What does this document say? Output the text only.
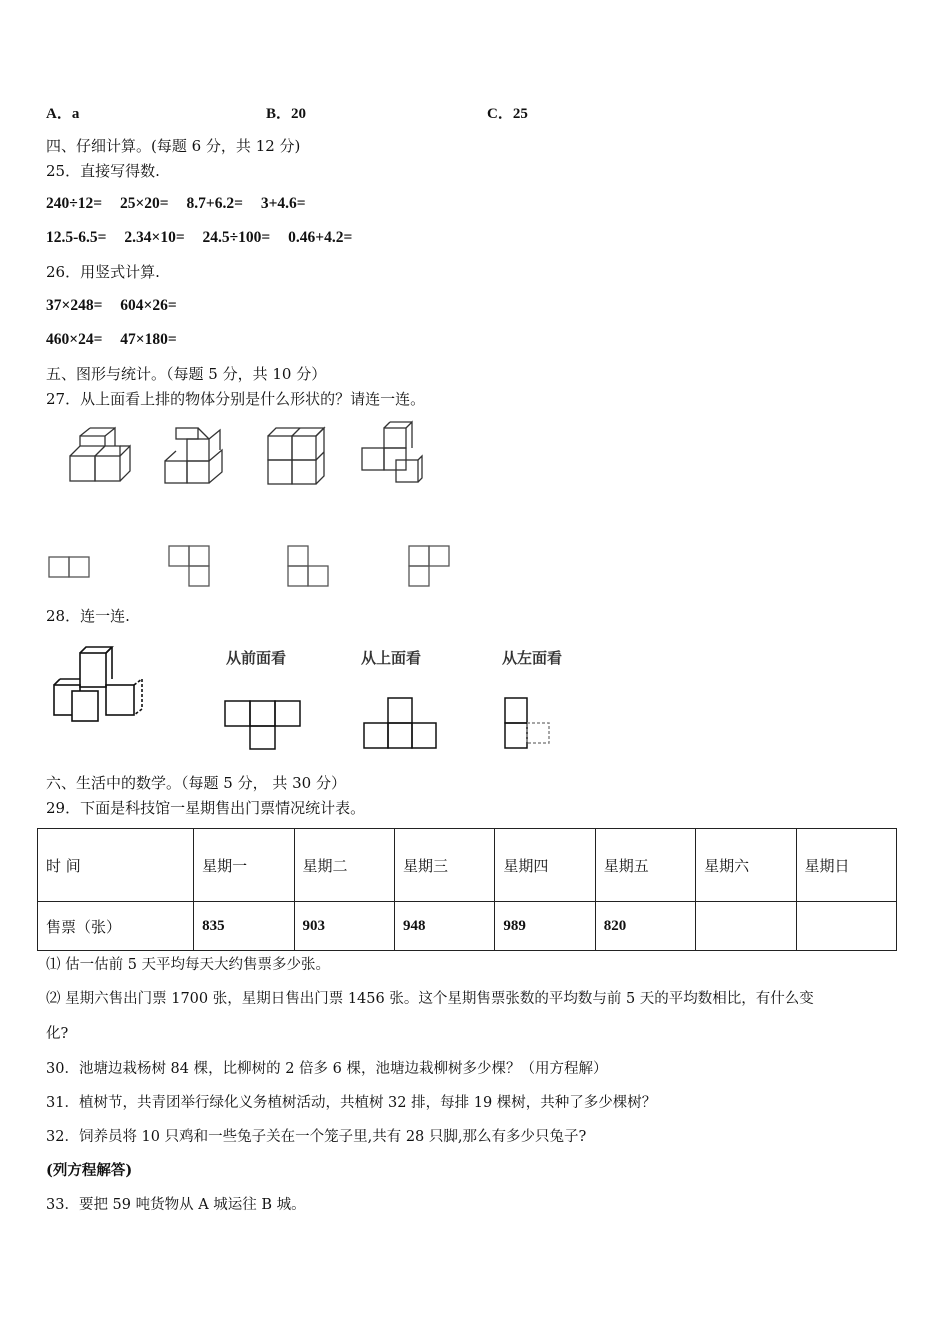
A．a	B．20	C．25
四、仔细计算。(每题 6 分，共 12 分)
25．直接写得数.
240÷12= 25×20= 8.7+6.2= 3+4.6=
12.5-6.5= 2.34×10= 24.5÷100= 0.46+4.2=
26．用竖式计算.
37×248= 604×26=
460×24= 47×180=
五、图形与统计。（每题 5 分，共 10 分）
27．从上面看上排的物体分别是什么形状的？请连一连。
28．连一连.
从前面看	从上面看	从左面看
六、生活中的数学。（每题 5 分， 共 30 分）
29．下面是科技馆一星期售出门票情况统计表。
时 间	星期一	星期二	星期三	星期四	星期五	星期六	星期日
售票（张）	835	903	948	989	820		
⑴ 估一估前 5 天平均每天大约售票多少张。
⑵ 星期六售出门票 1700 张，星期日售出门票 1456 张。这个星期售票张数的平均数与前 5 天的平均数相比，有什么变
化?
30．池塘边栽杨树 84 棵，比柳树的 2 倍多 6 棵，池塘边栽柳树多少棵？（用方程解）
31．植树节，共青团举行绿化义务植树活动，共植树 32 排，每排 19 棵树，共种了多少棵树？
32．饲养员将 10 只鸡和一些兔子关在一个笼子里,共有 28 只脚,那么有多少只兔子?
(列方程解答)
33．要把 59 吨货物从 A 城运往 B 城。
